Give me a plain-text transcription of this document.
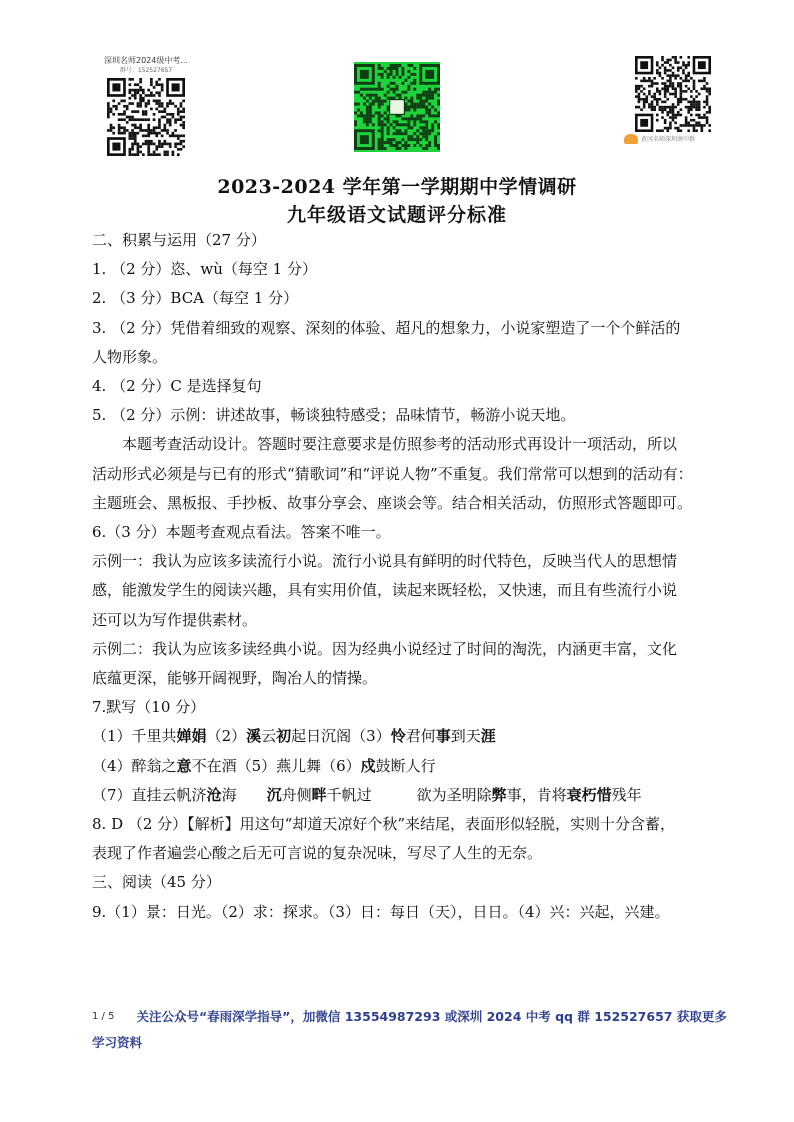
深圳名师2024级中考...
群号：152527657
黄冈名师深圳南中群
2023-2024 学年第一学期期中学情调研
九年级语文试题评分标准
二、积累与运用（27 分）
1. （2 分）恣、wù（每空 1 分）
2. （3 分）BCA（每空 1 分）
3. （2 分）凭借着细致的观察、深刻的体验、超凡的想象力，小说家塑造了一个个鲜活的
人物形象。
4. （2 分）C 是选择复句
5. （2 分）示例：讲述故事，畅谈独特感受；品味情节，畅游小说天地。
本题考查活动设计。答题时要注意要求是仿照参考的活动形式再设计一项活动，所以
活动形式必须是与已有的形式“猜歌词”和“评说人物”不重复。我们常常可以想到的活动有：
主题班会、黑板报、手抄板、故事分享会、座谈会等。结合相关活动，仿照形式答题即可。
6.（3 分）本题考查观点看法。答案不唯一。
示例一：我认为应该多读流行小说。流行小说具有鲜明的时代特色，反映当代人的思想情
感，能激发学生的阅读兴趣，具有实用价值，读起来既轻松，又快速，而且有些流行小说
还可以为写作提供素材。
示例二：我认为应该多读经典小说。因为经典小说经过了时间的淘洗，内涵更丰富，文化
底蕴更深，能够开阔视野，陶冶人的情操。
7.默写（10 分）
（1）千里共婵娟（2）溪云初起日沉阁（3）怜君何事到天涯
（4）醉翁之意不在酒（5）燕儿舞（6）戍鼓断人行
（7）直挂云帆济沧海　　沉舟侧畔千帆过　　　欲为圣明除弊事，肯将衰朽惜残年
8. D （2 分）【解析】用这句“却道天凉好个秋”来结尾，表面形似轻脱，实则十分含蓄，
表现了作者遍尝心酸之后无可言说的复杂况味，写尽了人生的无奈。
三、阅读（45 分）
9.（1）景：日光。（2）求：探求。（3）日：每日（天），日日。（4）兴：兴起，兴建。
$^{1 / 5}$ 关注公众号“春雨深学指导”，加微信 13554987293 或深圳 2024 中考 qq 群 152527657 获取更多
学习资料
